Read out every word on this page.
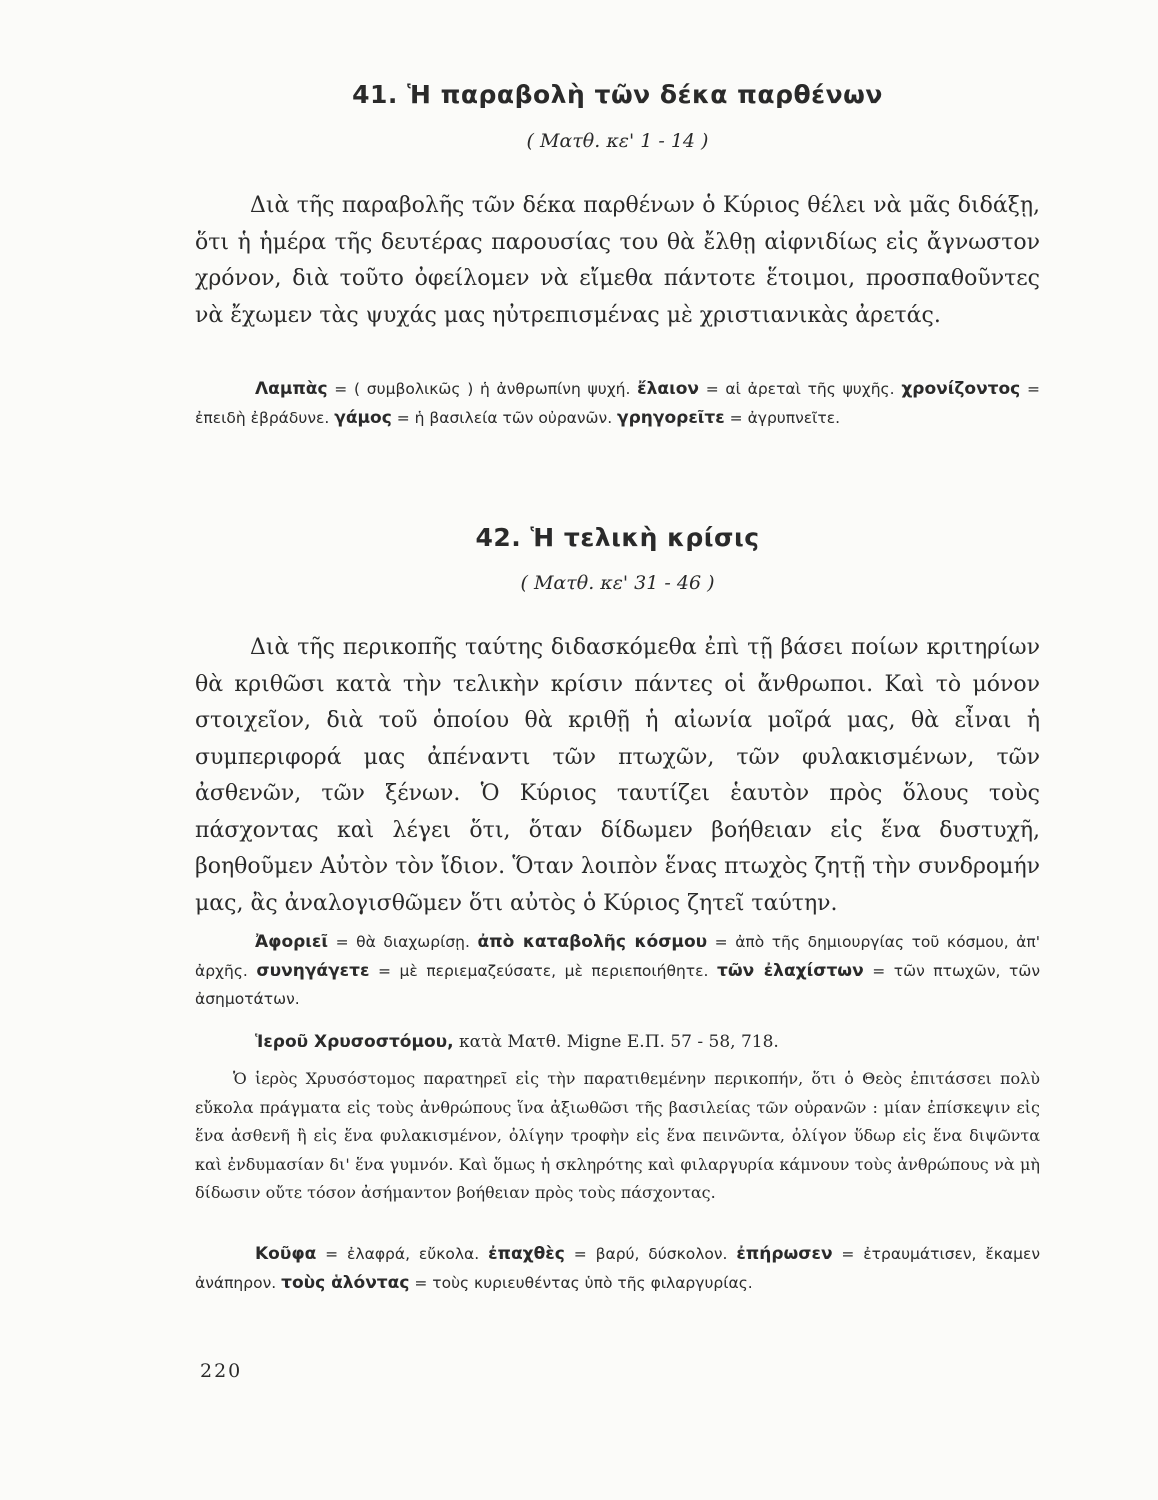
41. Ἡ παραβολὴ τῶν δέκα παρθένων
( Ματθ. κε' 1 - 14 )

Διὰ τῆς παραβολῆς τῶν δέκα παρθένων ὁ Κύριος θέλει νὰ μᾶς διδάξῃ, ὅτι ἡ ἡμέρα τῆς δευτέρας παρουσίας του θὰ ἔλθῃ αἰφνιδίως εἰς ἄγνωστον χρόνον, διὰ τοῦτο ὀφείλομεν νὰ εἴμεθα πάντοτε ἕτοιμοι, προσπαθοῦντες νὰ ἔχωμεν τὰς ψυχάς μας ηὐτρεπισμένας μὲ χριστιανικὰς ἀρετάς.

Λαμπὰς = ( συμβολικῶς ) ἡ ἀνθρωπίνη ψυχή. ἔλαιον = αἱ ἀρεταὶ τῆς ψυχῆς. χρονίζοντος = ἐπειδὴ ἐβράδυνε. γάμος = ἡ βασιλεία τῶν οὐρανῶν. γρηγορεῖτε = ἀγρυπνεῖτε.

42. Ἡ τελικὴ κρίσις
( Ματθ. κε' 31 - 46 )

Διὰ τῆς περικοπῆς ταύτης διδασκόμεθα ἐπὶ τῇ βάσει ποίων κριτηρίων θὰ κριθῶσι κατὰ τὴν τελικὴν κρίσιν πάντες οἱ ἄνθρωποι. Καὶ τὸ μόνον στοιχεῖον, διὰ τοῦ ὁποίου θὰ κριθῇ ἡ αἰωνία μοῖρά μας, θὰ εἶναι ἡ συμπεριφορά μας ἀπέναντι τῶν πτωχῶν, τῶν φυλακισμένων, τῶν ἀσθενῶν, τῶν ξένων. Ὁ Κύριος ταυτίζει ἑαυτὸν πρὸς ὅλους τοὺς πάσχοντας καὶ λέγει ὅτι, ὅταν δίδωμεν βοήθειαν εἰς ἕνα δυστυχῆ, βοηθοῦμεν Αὐτὸν τὸν ἴδιον. Ὅταν λοιπὸν ἕνας πτωχὸς ζητῇ τὴν συνδρομήν μας, ἂς ἀναλογισθῶμεν ὅτι αὐτὸς ὁ Κύριος ζητεῖ ταύτην.

Ἀφοριεῖ = θὰ διαχωρίσῃ. ἀπὸ καταβολῆς κόσμου = ἀπὸ τῆς δημιουργίας τοῦ κόσμου, ἀπ' ἀρχῆς. συνηγάγετε = μὲ περιεμαζεύσατε, μὲ περιεποιήθητε. τῶν ἐλαχίστων = τῶν πτωχῶν, τῶν ἀσημοτάτων.

Ἱεροῦ Χρυσοστόμου, κατὰ Ματθ. Migne Ε.Π. 57 - 58, 718.

Ὁ ἱερὸς Χρυσόστομος παρατηρεῖ εἰς τὴν παρατιθεμένην περικοπήν, ὅτι ὁ Θεὸς ἐπιτάσσει πολὺ εὔκολα πράγματα εἰς τοὺς ἀνθρώπους ἵνα ἀξιωθῶσι τῆς βασιλείας τῶν οὐρανῶν : μίαν ἐπίσκεψιν εἰς ἕνα ἀσθενῆ ἢ εἰς ἕνα φυλακισμένον, ὀλίγην τροφὴν εἰς ἕνα πεινῶντα, ὀλίγον ὕδωρ εἰς ἕνα διψῶντα καὶ ἐνδυμασίαν δι' ἕνα γυμνόν. Καὶ ὅμως ἡ σκληρότης καὶ φιλαργυρία κάμνουν τοὺς ἀνθρώπους νὰ μὴ δίδωσιν οὔτε τόσον ἀσήμαντον βοήθειαν πρὸς τοὺς πάσχοντας.

Κοῦφα = ἐλαφρά, εὔκολα. ἐπαχθὲς = βαρύ, δύσκολον. ἐπήρωσεν = ἐτραυμάτισεν, ἔκαμεν ἀνάπηρον. τοὺς ἁλόντας = τοὺς κυριευθέντας ὑπὸ τῆς φιλαργυρίας.

220
